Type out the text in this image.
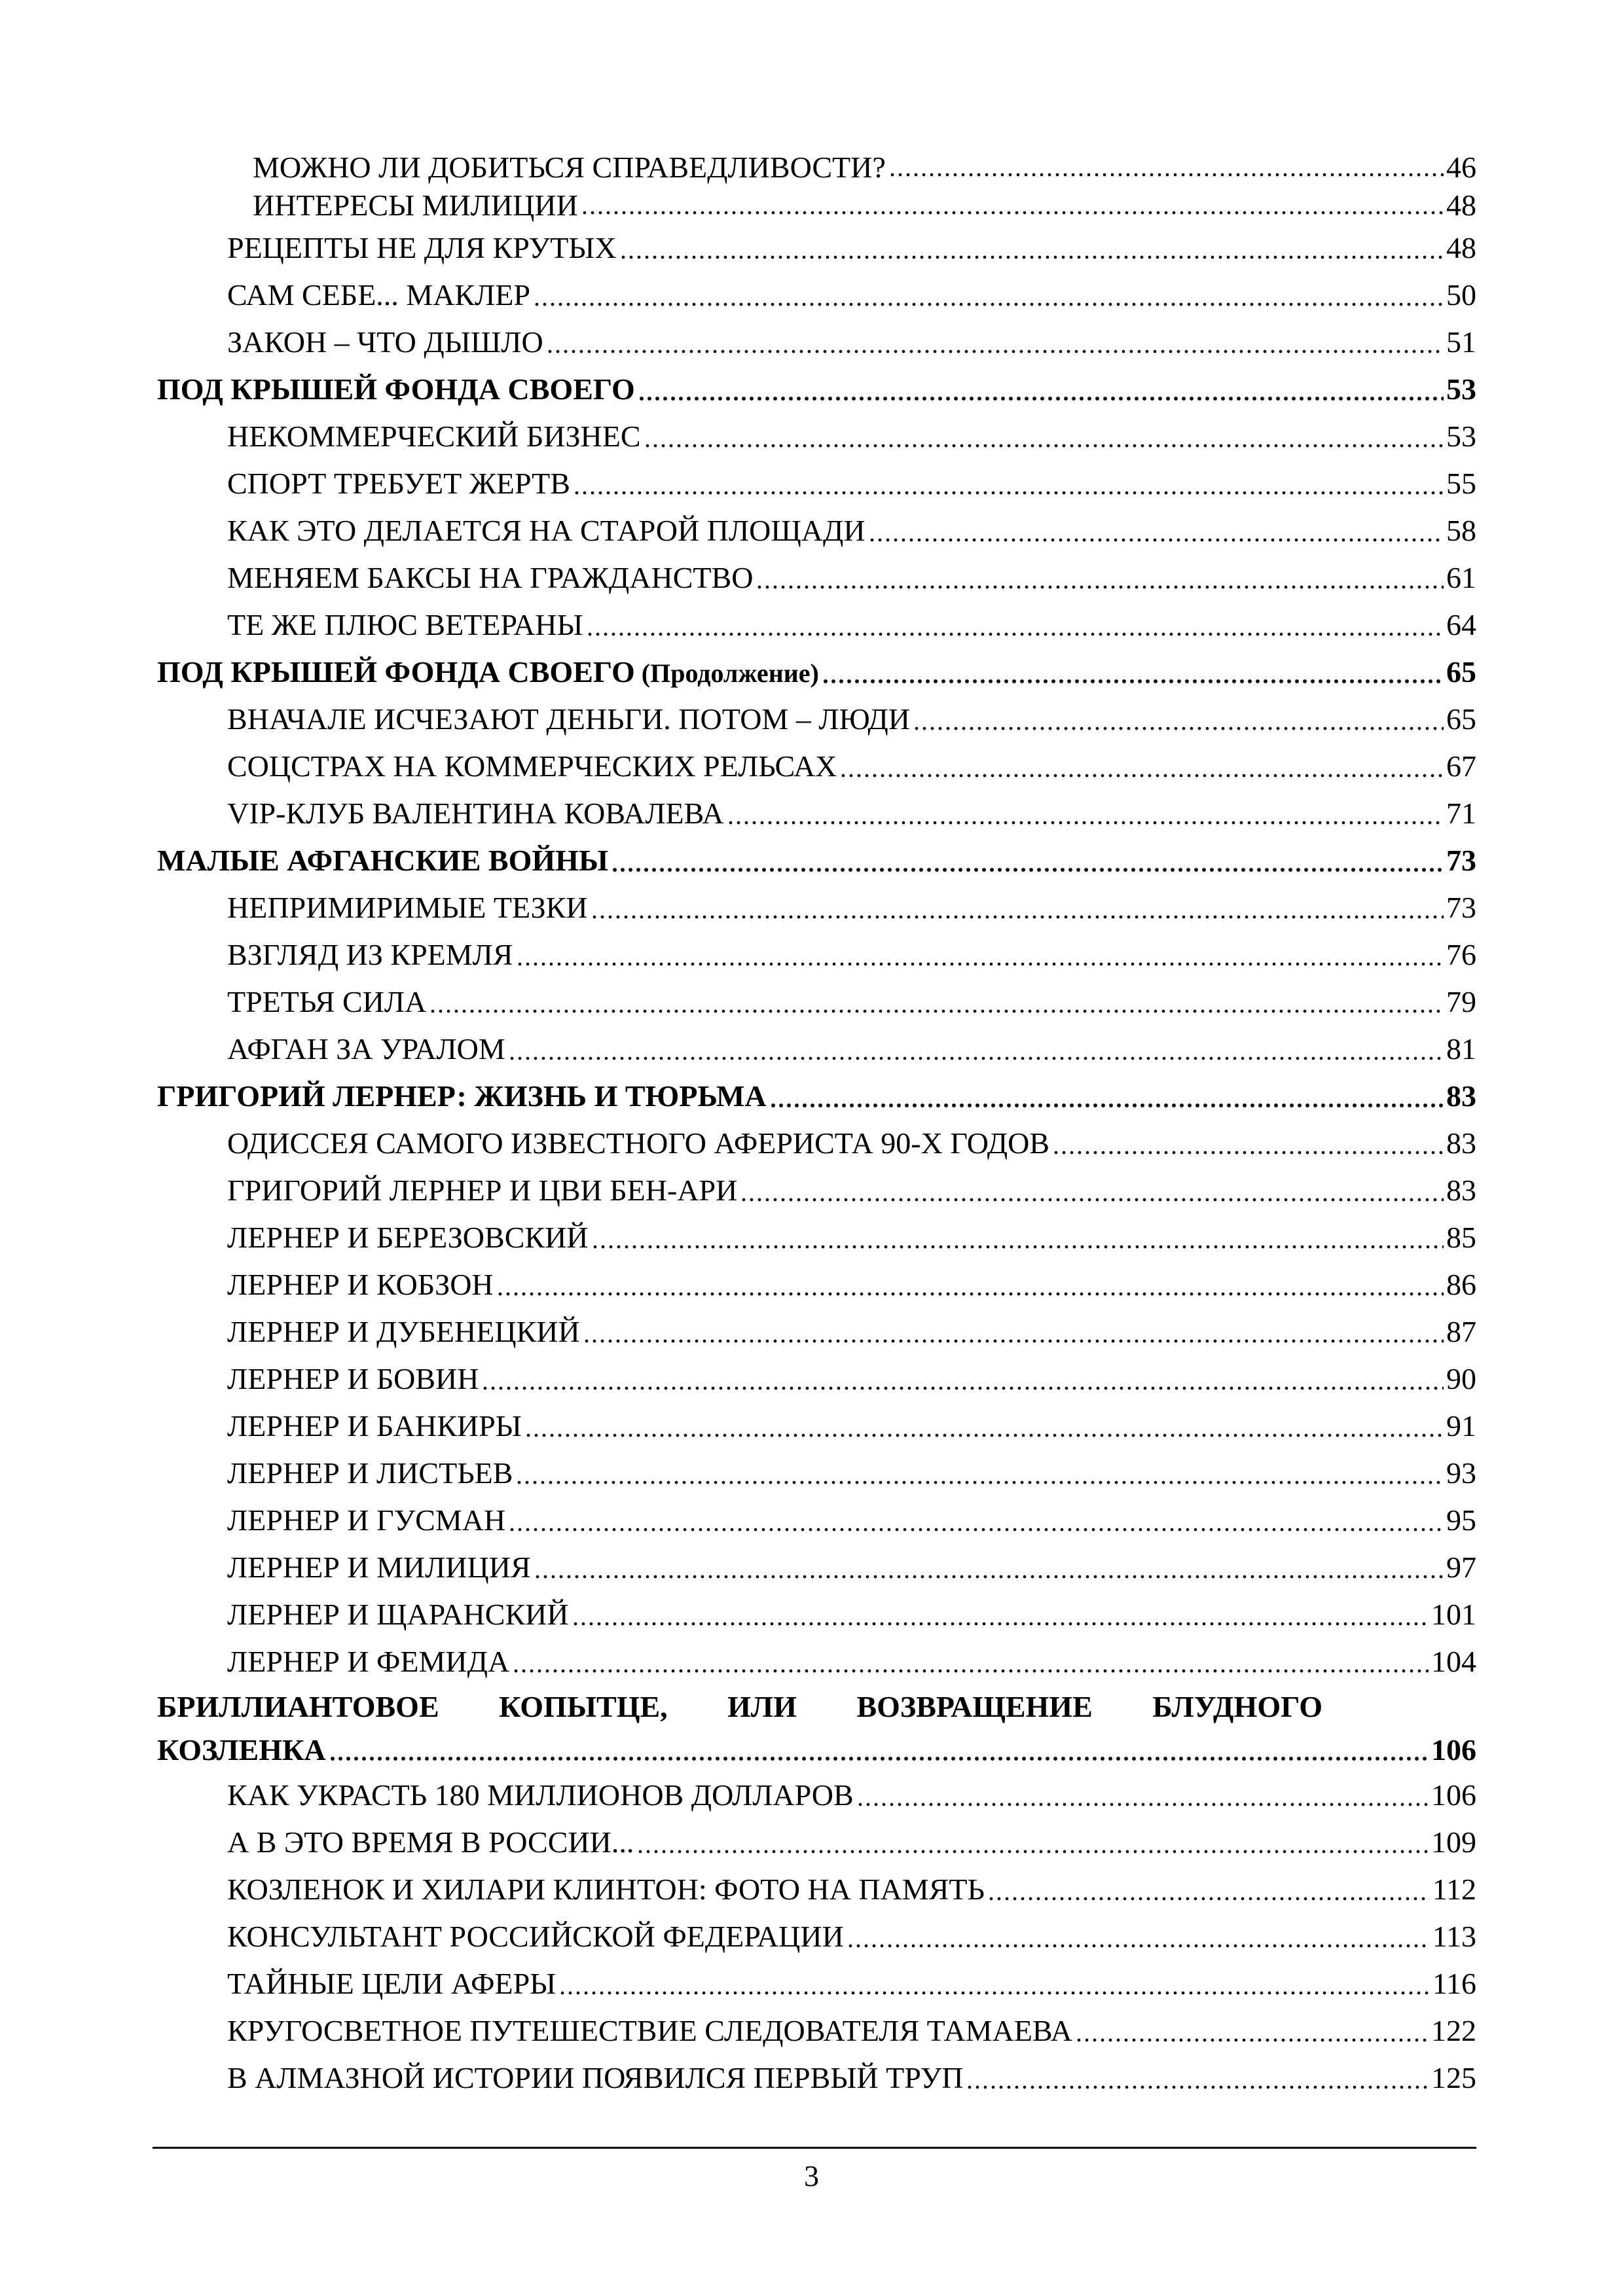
МОЖНО ЛИ ДОБИТЬСЯ СПРАВЕДЛИВОСТИ?	46
ИНТЕРЕСЫ МИЛИЦИИ	48
РЕЦЕПТЫ НЕ ДЛЯ КРУТЫХ	48
САМ СЕБЕ... МАКЛЕР	50
ЗАКОН – ЧТО ДЫШЛО	51
ПОД КРЫШЕЙ ФОНДА СВОЕГО	53
НЕКОММЕРЧЕСКИЙ БИЗНЕС	53
СПОРТ ТРЕБУЕТ ЖЕРТВ	55
КАК ЭТО ДЕЛАЕТСЯ НА СТАРОЙ ПЛОЩАДИ	58
МЕНЯЕМ БАКСЫ НА ГРАЖДАНСТВО	61
ТЕ ЖЕ ПЛЮС ВЕТЕРАНЫ	64
ПОД КРЫШЕЙ ФОНДА СВОЕГО (Продолжение)	65
ВНАЧАЛЕ ИСЧЕЗАЮТ ДЕНЬГИ. ПОТОМ – ЛЮДИ	65
СОЦСТРАХ НА КОММЕРЧЕСКИХ РЕЛЬСАХ	67
VIP-КЛУБ ВАЛЕНТИНА КОВАЛЕВА	71
МАЛЫЕ АФГАНСКИЕ ВОЙНЫ	73
НЕПРИМИРИМЫЕ ТЕЗКИ	73
ВЗГЛЯД ИЗ КРЕМЛЯ	76
ТРЕТЬЯ СИЛА	79
АФГАН ЗА УРАЛОМ	81
ГРИГОРИЙ ЛЕРНЕР: ЖИЗНЬ И ТЮРЬМА	83
ОДИССЕЯ САМОГО ИЗВЕСТНОГО АФЕРИСТА 90-Х ГОДОВ	83
ГРИГОРИЙ ЛЕРНЕР И ЦВИ БЕН-АРИ	83
ЛЕРНЕР И БЕРЕЗОВСКИЙ	85
ЛЕРНЕР И КОБЗОН	86
ЛЕРНЕР И ДУБЕНЕЦКИЙ	87
ЛЕРНЕР И БОВИН	90
ЛЕРНЕР И БАНКИРЫ	91
ЛЕРНЕР И ЛИСТЬЕВ	93
ЛЕРНЕР И ГУСМАН	95
ЛЕРНЕР И МИЛИЦИЯ	97
ЛЕРНЕР И ЩАРАНСКИЙ	101
ЛЕРНЕР И ФЕМИДА	104
БРИЛЛИАНТОВОЕ КОПЫТЦЕ, ИЛИ ВОЗВРАЩЕНИЕ БЛУДНОГО
КОЗЛЕНКА	106
КАК УКРАСТЬ 180 МИЛЛИОНОВ ДОЛЛАРОВ	106
А В ЭТО ВРЕМЯ В РОССИИ...	109
КОЗЛЕНОК И ХИЛАРИ КЛИНТОН: ФОТО НА ПАМЯТЬ	112
КОНСУЛЬТАНТ РОССИЙСКОЙ ФЕДЕРАЦИИ	113
ТАЙНЫЕ ЦЕЛИ АФЕРЫ	116
КРУГОСВЕТНОЕ ПУТЕШЕСТВИЕ СЛЕДОВАТЕЛЯ ТАМАЕВА	122
В АЛМАЗНОЙ ИСТОРИИ ПОЯВИЛСЯ ПЕРВЫЙ ТРУП	125
3
